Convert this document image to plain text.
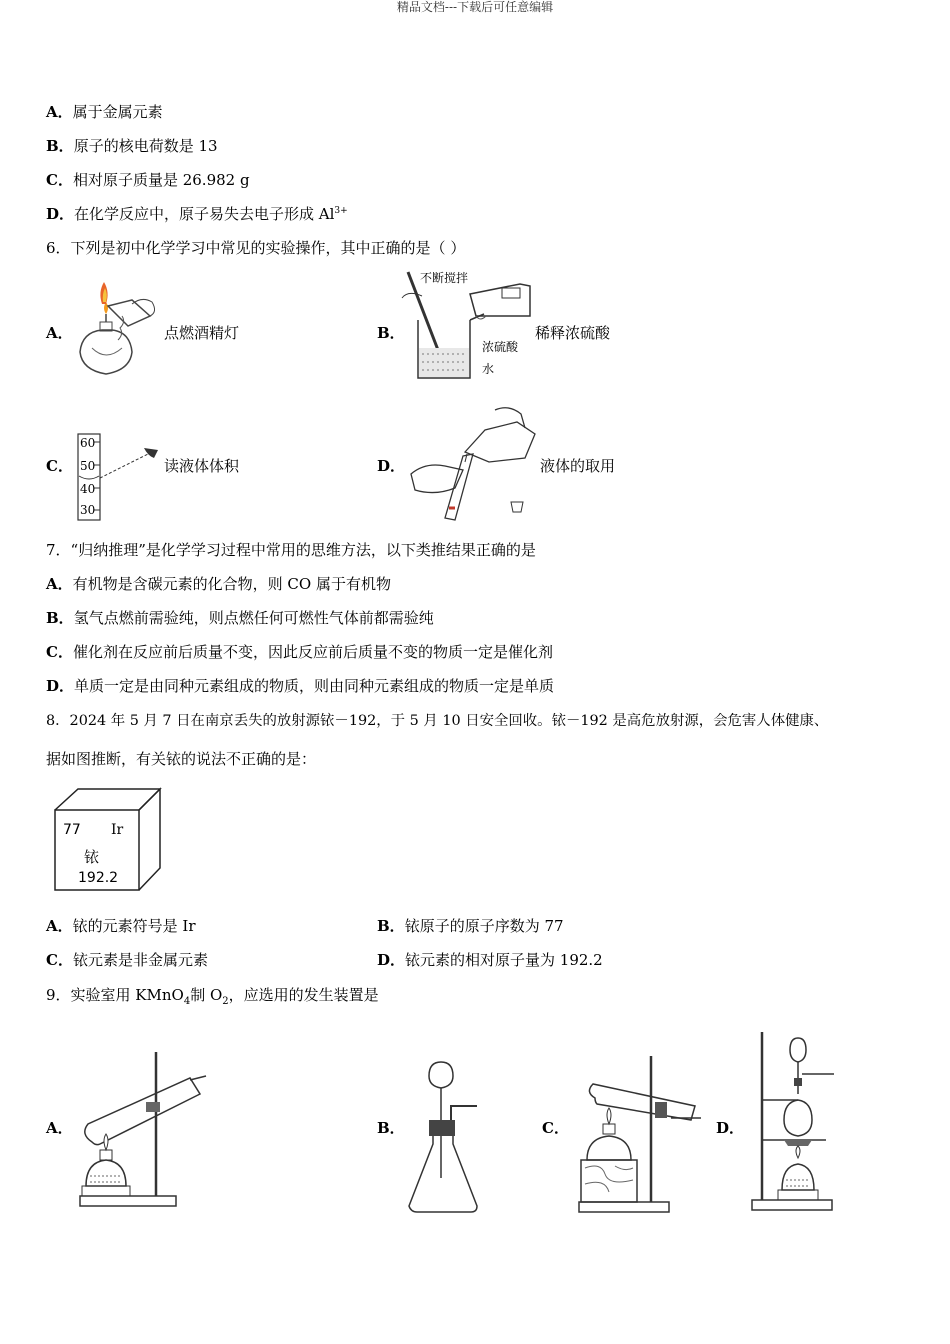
精品文档---下载后可任意编辑
A．属于金属元素
B．原子的核电荷数是 13
C．相对原子质量是 26.982 g
D．在化学反应中，原子易失去电子形成 $Al^{3+}$
6．下列是初中化学学习中常见的实验操作，其中正确的是（ ）
A．	点燃酒精灯	B．
不断搅拌
浓硫酸
水
稀释浓硫酸
C．
60
50
40
30
读液体体积	D．	液体的取用
7．“归纳推理”是化学学习过程中常用的思维方法，以下类推结果正确的是
A．有机物是含碳元素的化合物，则 CO 属于有机物
B．氢气点燃前需验纯，则点燃任何可燃性气体前都需验纯
C．催化剂在反应前后质量不变，因此反应前后质量不变的物质一定是催化剂
D．单质一定是由同种元素组成的物质，则由同种元素组成的物质一定是单质
8．2024 年 5 月 7 日在南京丢失的放射源铱－192，于 5 月 10 日安全回收。铱－192 是高危放射源，会危害人体健康、
据如图推断，有关铱的说法不正确的是：
77 Ir
铱
192.2
A．铱的元素符号是 Ir	B．铱原子的原子序数为 77
C．铱元素是非金属元素	D．铱元素的相对原子量为 192.2
9．实验室用 KMnO$_4$制 $O_2$，应选用的发生装置是
A．	B．	C．	D．
